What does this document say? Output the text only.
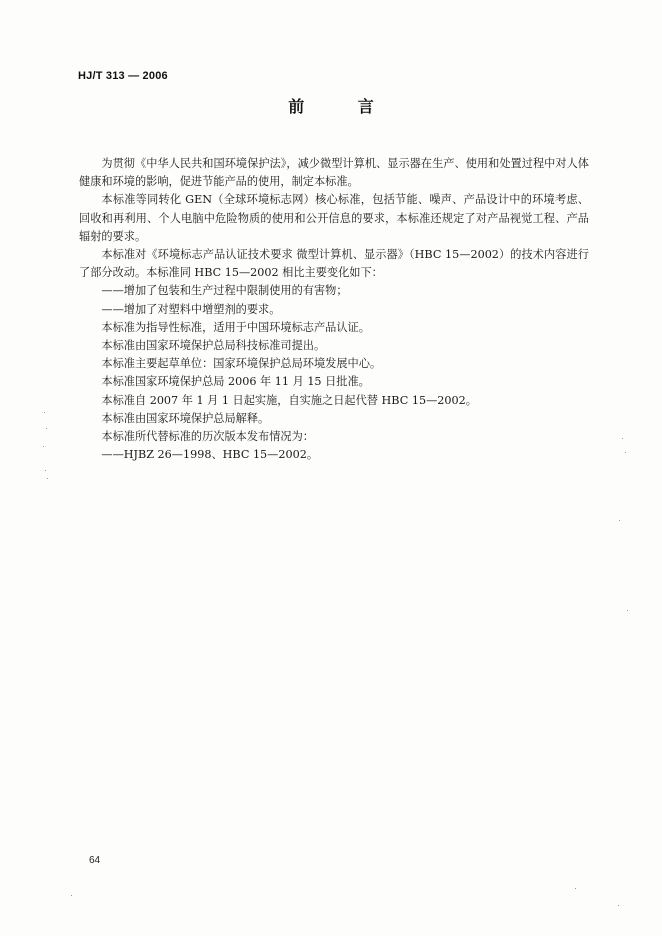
HJ/T 313 — 2006
前 言

为贯彻《中华人民共和国环境保护法》，减少微型计算机、显示器在生产、使用和处置过程中对人体健康和环境的影响，促进节能产品的使用，制定本标准。

本标准等同转化 GEN（全球环境标志网）核心标准，包括节能、噪声、产品设计中的环境考虑、回收和再利用、个人电脑中危险物质的使用和公开信息的要求，本标准还规定了对产品视觉工程、产品辐射的要求。

本标准对《环境标志产品认证技术要求 微型计算机、显示器》（HBC 15—2002）的技术内容进行了部分改动。本标准同 HBC 15—2002 相比主要变化如下：

——增加了包装和生产过程中限制使用的有害物；

——增加了对塑料中增塑剂的要求。

本标准为指导性标准，适用于中国环境标志产品认证。

本标准由国家环境保护总局科技标准司提出。

本标准主要起草单位：国家环境保护总局环境发展中心。

本标准国家环境保护总局 2006 年 11 月 15 日批准。

本标准自 2007 年 1 月 1 日起实施，自实施之日起代替 HBC 15—2002。

本标准由国家环境保护总局解释。

本标准所代替标准的历次版本发布情况为：

——HJBZ 26—1998、HBC 15—2002。

64
